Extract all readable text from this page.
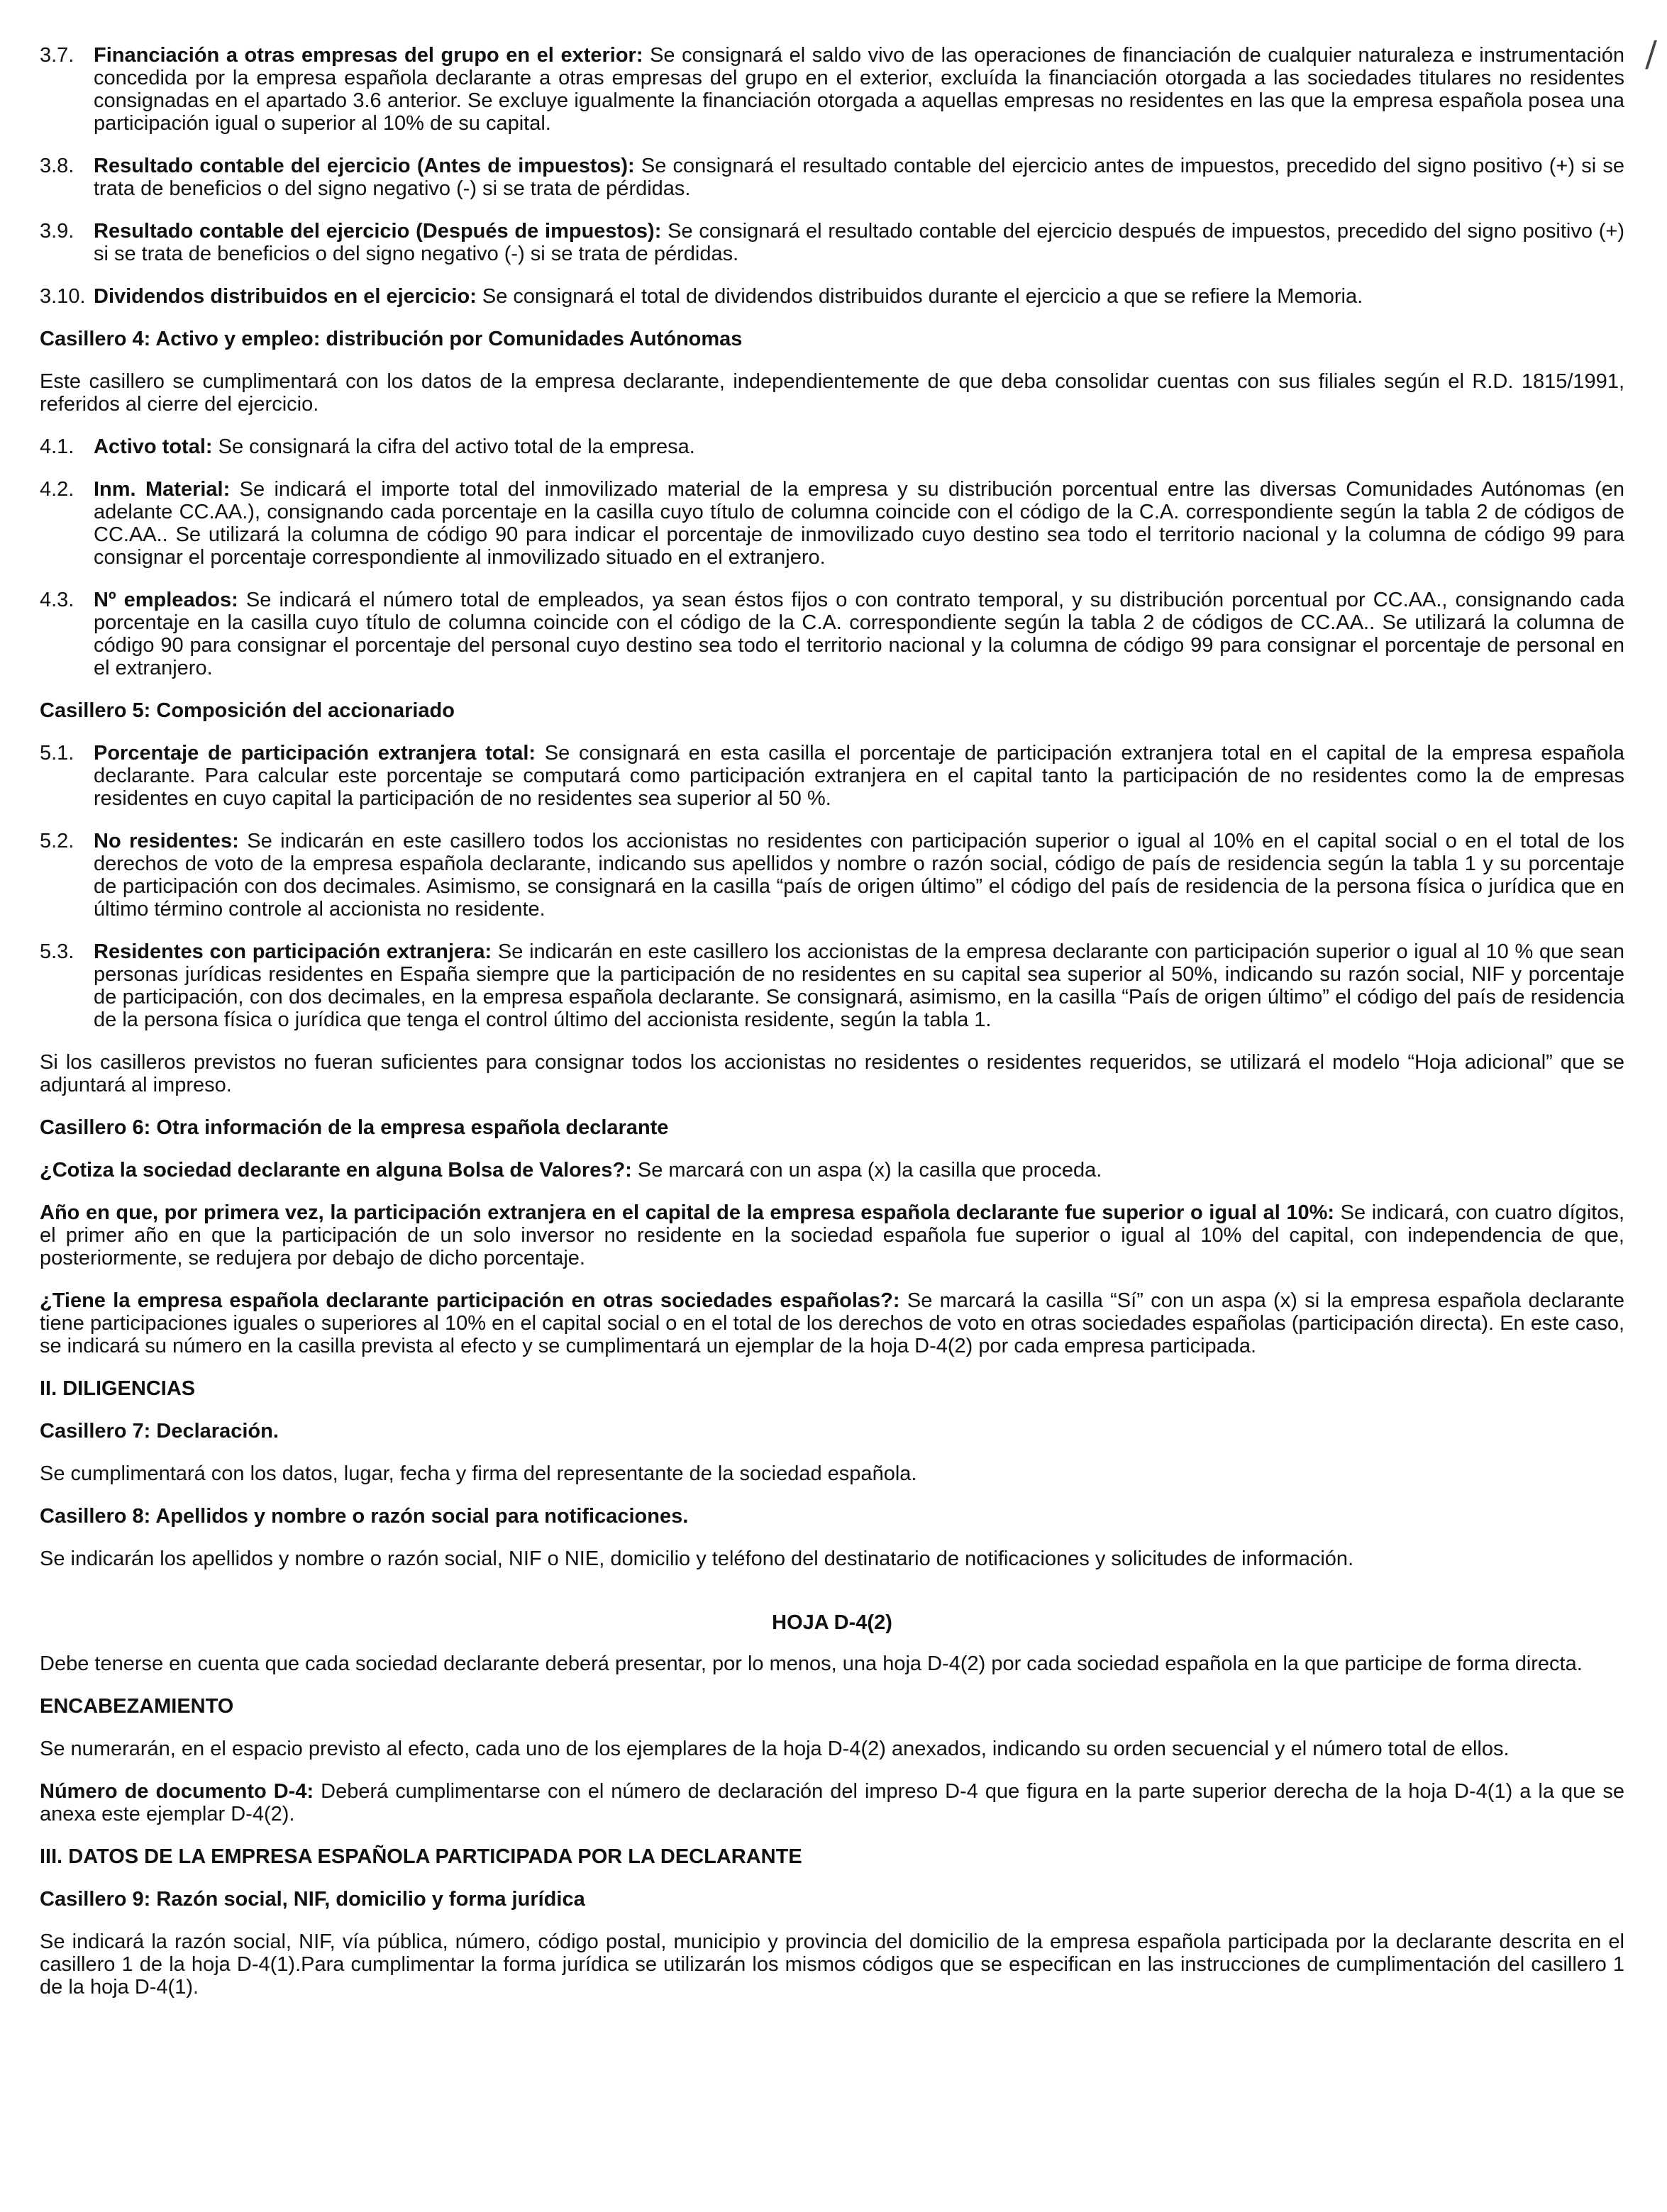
/
3.7. Financiación a otras empresas del grupo en el exterior: Se consignará el saldo vivo de las operaciones de financiación de cualquier naturaleza e instrumentación concedida por la empresa española declarante a otras empresas del grupo en el exterior, excluída la financiación otorgada a las sociedades titulares no residentes consignadas en el apartado 3.6 anterior. Se excluye igualmente la financiación otorgada a aquellas empresas no residentes en las que la empresa española posea una participación igual o superior al 10% de su capital.
3.8. Resultado contable del ejercicio (Antes de impuestos): Se consignará el resultado contable del ejercicio antes de impuestos, precedido del signo positivo (+) si se trata de beneficios o del signo negativo (-) si se trata de pérdidas.
3.9. Resultado contable del ejercicio (Después de impuestos): Se consignará el resultado contable del ejercicio después de impuestos, precedido del signo positivo (+) si se trata de beneficios o del signo negativo (-) si se trata de pérdidas.
3.10. Dividendos distribuidos en el ejercicio: Se consignará el total de dividendos distribuidos durante el ejercicio a que se refiere la Memoria.
Casillero 4: Activo y empleo: distribución por Comunidades Autónomas
Este casillero se cumplimentará con los datos de la empresa declarante, independientemente de que deba consolidar cuentas con sus filiales según el R.D. 1815/1991, referidos al cierre del ejercicio.
4.1. Activo total: Se consignará la cifra del activo total de la empresa.
4.2. Inm. Material: Se indicará el importe total del inmovilizado material de la empresa y su distribución porcentual entre las diversas Comunidades Autónomas (en adelante CC.AA.), consignando cada porcentaje en la casilla cuyo título de columna coincide con el código de la C.A. correspondiente según la tabla 2 de códigos de CC.AA.. Se utilizará la columna de código 90 para indicar el porcentaje de inmovilizado cuyo destino sea todo el territorio nacional y la columna de código 99 para consignar el porcentaje correspondiente al inmovilizado situado en el extranjero.
4.3. Nº empleados: Se indicará el número total de empleados, ya sean éstos fijos o con contrato temporal, y su distribución porcentual por CC.AA., consignando cada porcentaje en la casilla cuyo título de columna coincide con el código de la C.A. correspondiente según la tabla 2 de códigos de CC.AA.. Se utilizará la columna de código 90 para consignar el porcentaje del personal cuyo destino sea todo el territorio nacional y la columna de código 99 para consignar el porcentaje de personal en el extranjero.
Casillero 5: Composición del accionariado
5.1. Porcentaje de participación extranjera total: Se consignará en esta casilla el porcentaje de participación extranjera total en el capital de la empresa española declarante. Para calcular este porcentaje se computará como participación extranjera en el capital tanto la participación de no residentes como la de empresas residentes en cuyo capital la participación de no residentes sea superior al 50 %.
5.2. No residentes: Se indicarán en este casillero todos los accionistas no residentes con participación superior o igual al 10% en el capital social o en el total de los derechos de voto de la empresa española declarante, indicando sus apellidos y nombre o razón social, código de país de residencia según la tabla 1 y su porcentaje de participación con dos decimales. Asimismo, se consignará en la casilla “país de origen último” el código del país de residencia de la persona física o jurídica que en último término controle al accionista no residente.
5.3. Residentes con participación extranjera: Se indicarán en este casillero los accionistas de la empresa declarante con participación superior o igual al 10 % que sean personas jurídicas residentes en España siempre que la participación de no residentes en su capital sea superior al 50%, indicando su razón social, NIF y porcentaje de participación, con dos decimales, en la empresa española declarante. Se consignará, asimismo, en la casilla “País de origen último” el código del país de residencia de la persona física o jurídica que tenga el control último del accionista residente, según la tabla 1.
Si los casilleros previstos no fueran suficientes para consignar todos los accionistas no residentes o residentes requeridos, se utilizará el modelo “Hoja adicional” que se adjuntará al impreso.
Casillero 6: Otra información de la empresa española declarante
¿Cotiza la sociedad declarante en alguna Bolsa de Valores?: Se marcará con un aspa (x) la casilla que proceda.
Año en que, por primera vez, la participación extranjera en el capital de la empresa española declarante fue superior o igual al 10%: Se indicará, con cuatro dígitos, el primer año en que la participación de un solo inversor no residente en la sociedad española fue superior o igual al 10% del capital, con independencia de que, posteriormente, se redujera por debajo de dicho porcentaje.
¿Tiene la empresa española declarante participación en otras sociedades españolas?: Se marcará la casilla “Sí” con un aspa (x) si la empresa española declarante tiene participaciones iguales o superiores al 10% en el capital social o en el total de los derechos de voto en otras sociedades españolas (participación directa). En este caso, se indicará su número en la casilla prevista al efecto y se cumplimentará un ejemplar de la hoja D-4(2) por cada empresa participada.
II. DILIGENCIAS
Casillero 7: Declaración.
Se cumplimentará con los datos, lugar, fecha y firma del representante de la sociedad española.
Casillero 8: Apellidos y nombre o razón social para notificaciones.
Se indicarán los apellidos y nombre o razón social, NIF o NIE, domicilio y teléfono del destinatario de notificaciones y solicitudes de información.
HOJA D-4(2)
Debe tenerse en cuenta que cada sociedad declarante deberá presentar, por lo menos, una hoja D-4(2) por cada sociedad española en la que participe de forma directa.
ENCABEZAMIENTO
Se numerarán, en el espacio previsto al efecto, cada uno de los ejemplares de la hoja D-4(2) anexados, indicando su orden secuencial y el número total de ellos.
Número de documento D-4: Deberá cumplimentarse con el número de declaración del impreso D-4 que figura en la parte superior derecha de la hoja D-4(1) a la que se anexa este ejemplar D-4(2).
III. DATOS DE LA EMPRESA ESPAÑOLA PARTICIPADA POR LA DECLARANTE
Casillero 9: Razón social, NIF, domicilio y forma jurídica
Se indicará la razón social, NIF, vía pública, número, código postal, municipio y provincia del domicilio de la empresa española participada por la declarante descrita en el casillero 1 de la hoja D-4(1).Para cumplimentar la forma jurídica se utilizarán los mismos códigos que se especifican en las instrucciones de cumplimentación del casillero 1 de la hoja D-4(1).
